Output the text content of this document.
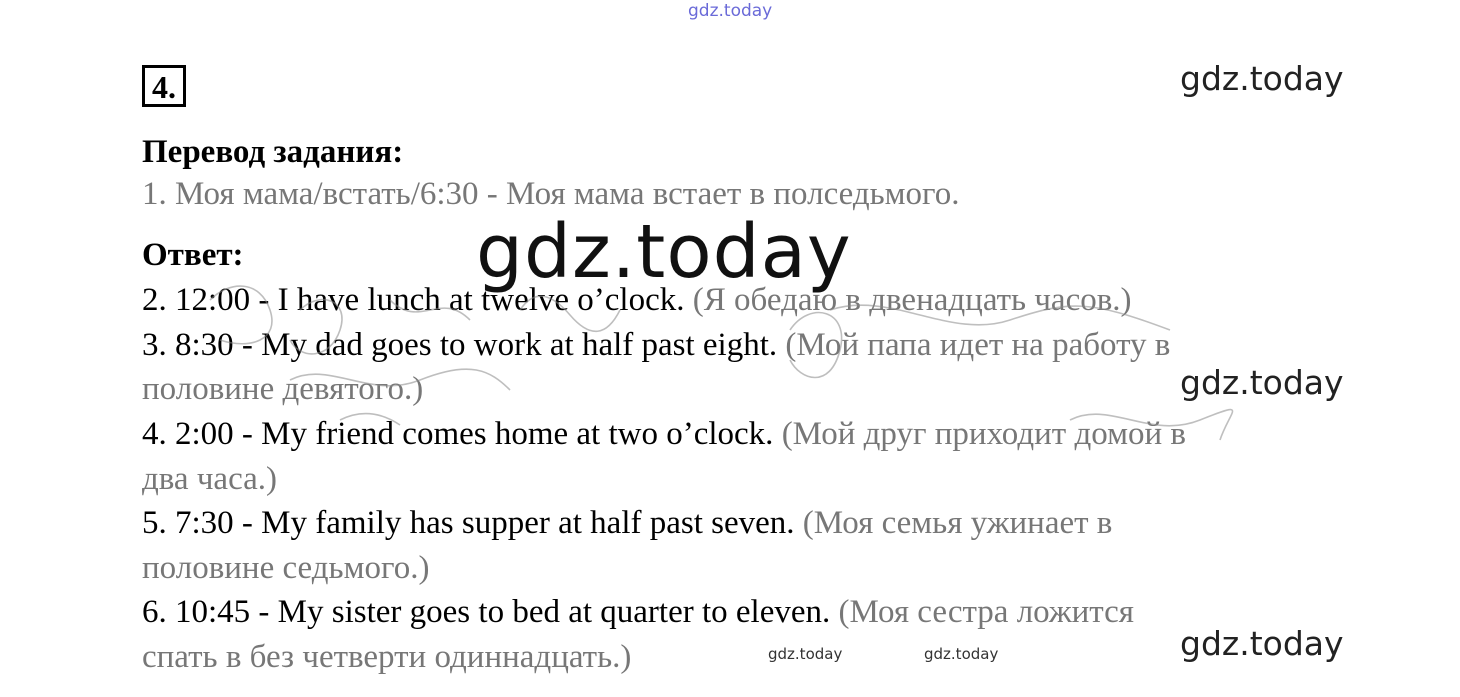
gdz.today
gdz.today
4.
Перевод задания:
1. Моя мама/встать/6:30 - Моя мама встает в полседьмого.
Ответ:
2. 12:00 - I have lunch at twelve o’clock. (Я обедаю в двенадцать часов.)
3. 8:30 - My dad goes to work at half past eight. (Мой папа идет на работу в
половине девятого.)
4. 2:00 - My friend comes home at two o’clock. (Мой друг приходит домой в
два часа.)
5. 7:30 - My family has supper at half past seven. (Моя семья ужинает в
половине седьмого.)
6. 10:45 - My sister goes to bed at quarter to eleven. (Моя сестра ложится
спать в без четверти одиннадцать.)
gdz.today
gdz.today
gdz.today
gdz.today	gdz.today
